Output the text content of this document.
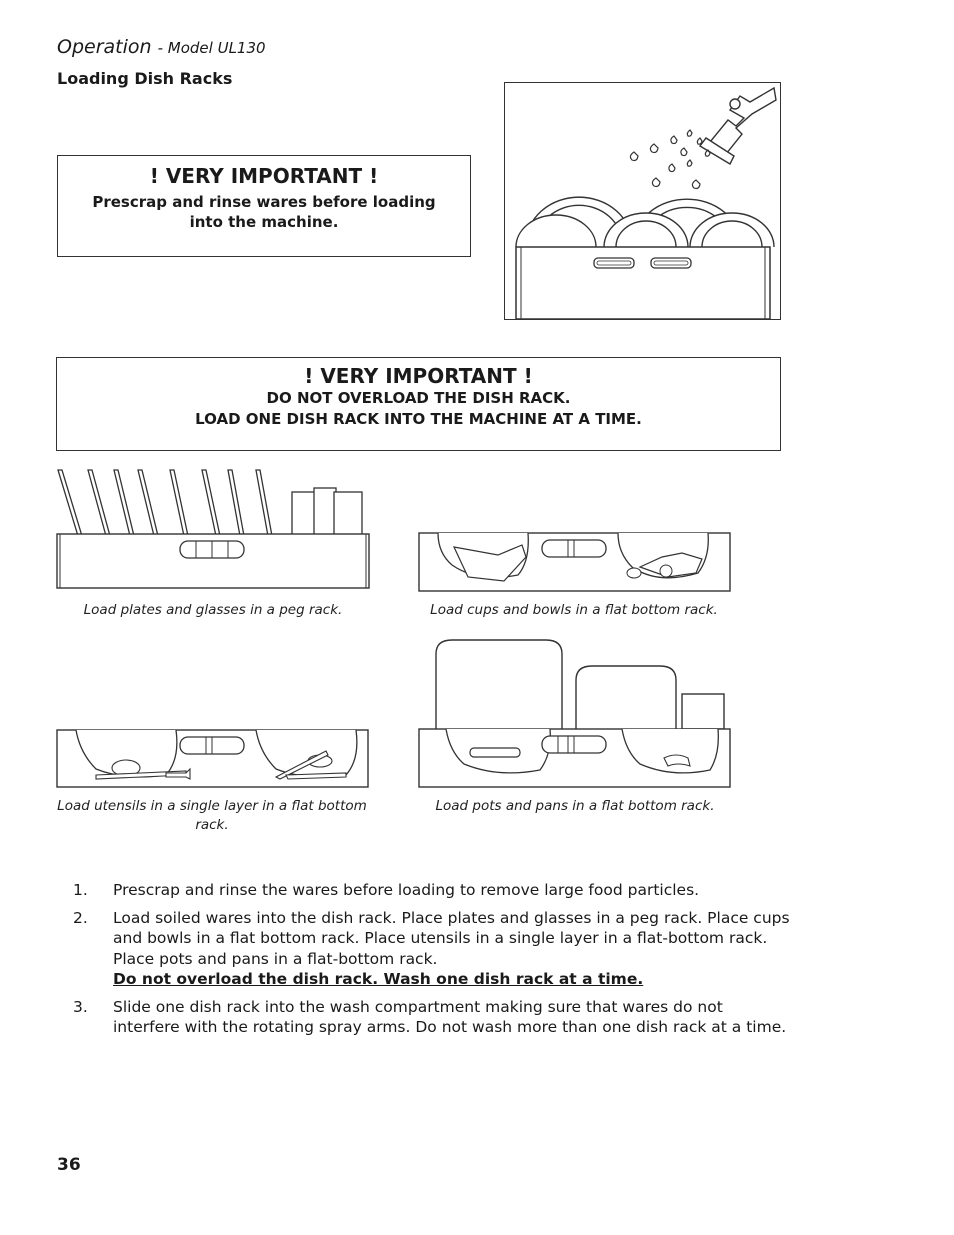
Operation - Model UL130
Loading Dish Racks
! VERY IMPORTANT !
Prescrap and rinse wares before loading into the machine.
! VERY IMPORTANT !
DO NOT OVERLOAD THE DISH RACK.
LOAD ONE DISH RACK INTO THE MACHINE AT A TIME.
Load plates and glasses in a peg rack.	Load cups and bowls in a flat bottom rack.
Load utensils in a single layer in a flat bottom rack.
Load pots and pans in a flat bottom rack.
1.	Prescrap and rinse the wares before loading to remove large food particles.
2.	Load soiled wares into the dish rack. Place plates and glasses in a peg rack. Place cups and bowls in a flat bottom rack. Place utensils in a single layer in a flat-bottom rack. Place pots and pans in a flat-bottom rack.
Do not overload the dish rack. Wash one dish rack at a time.
3.	Slide one dish rack into the wash compartment making sure that wares do not interfere with the rotating spray arms. Do not wash more than one dish rack at a time.
36
